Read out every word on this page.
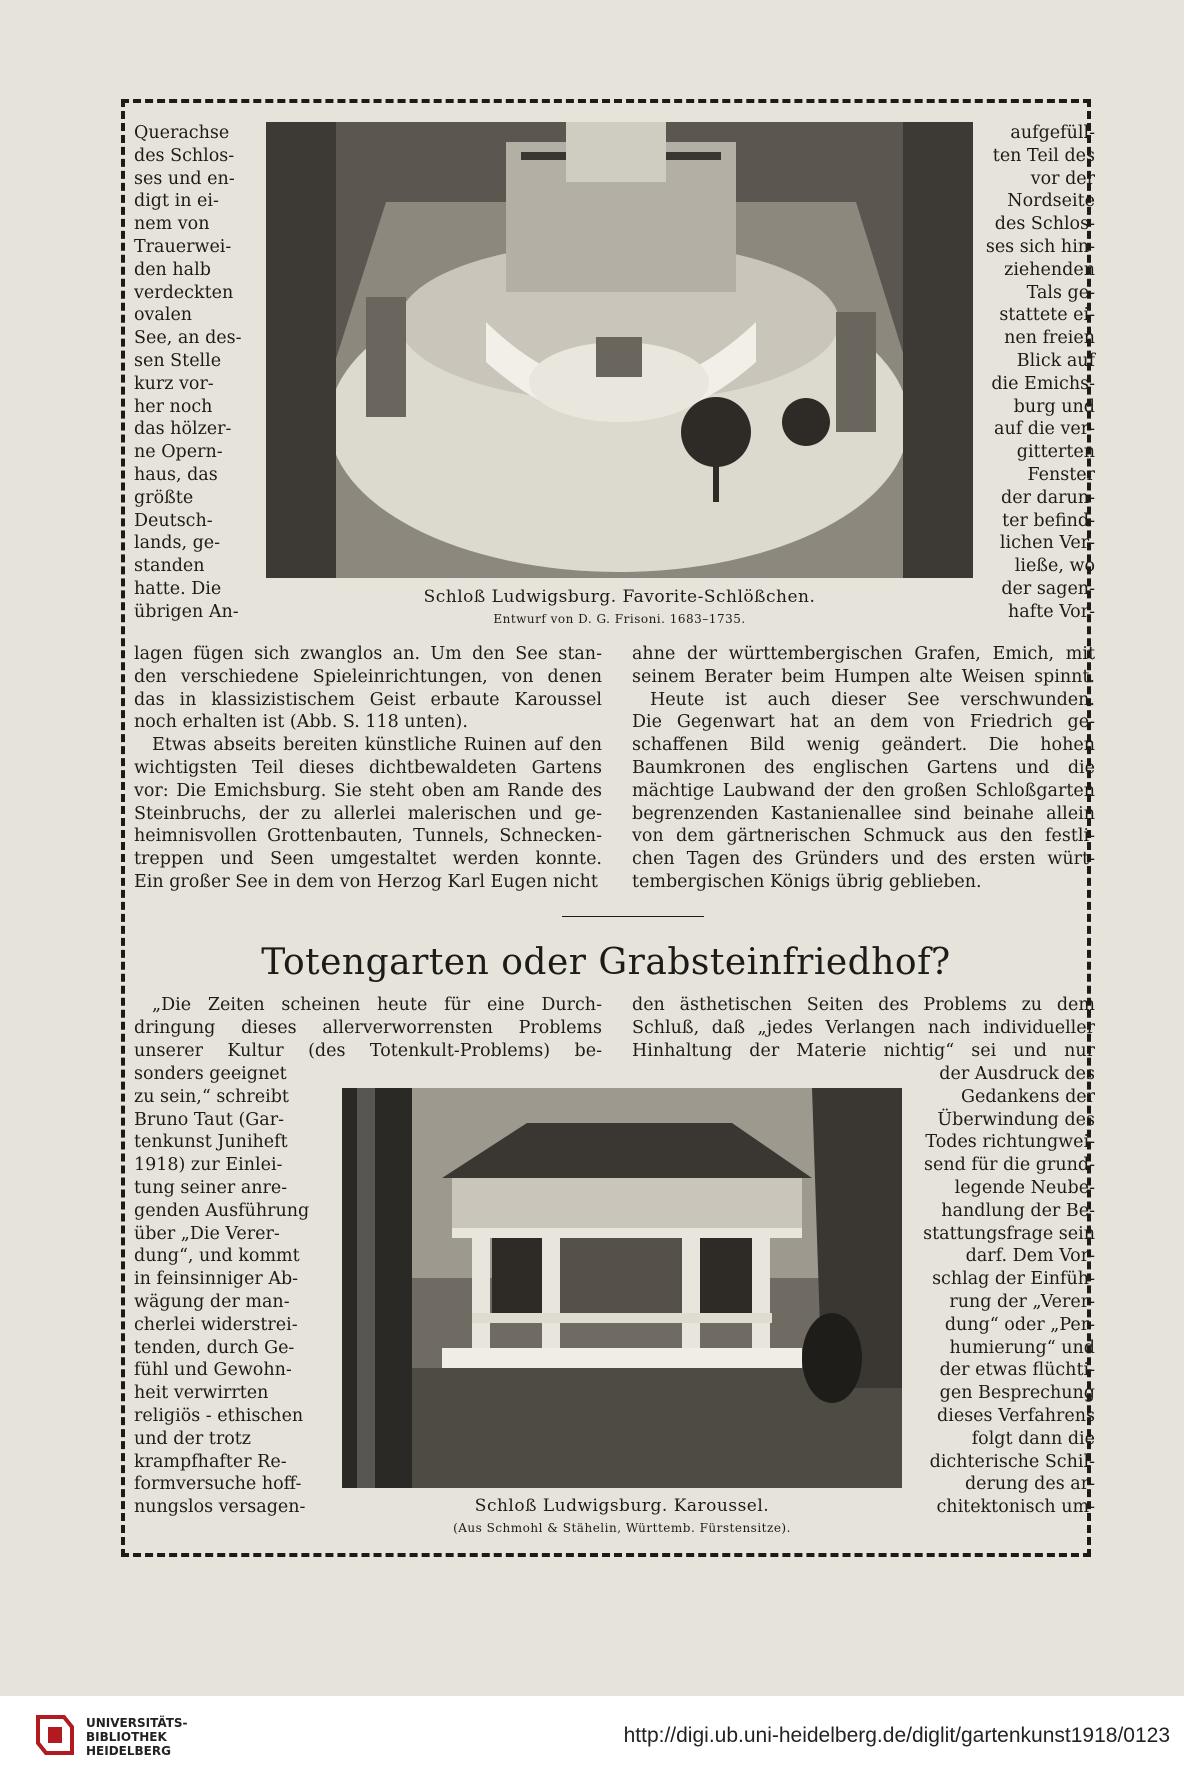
Querachse
des Schlos-
ses und en-
digt in ei-
nem von
Trauerwei-
den halb
verdeckten
ovalen
See, an des-
sen Stelle
kurz vor-
her noch
das hölzer-
ne Opern-
haus, das
größte
Deutsch-
lands, ge-
standen
hatte. Die
übrigen An-
aufgefüll-
ten Teil des
vor der
Nordseite
des Schlos-
ses sich hin-
ziehenden
Tals ge-
stattete ei-
nen freien
Blick auf
die Emichs-
burg und
auf die ver-
gitterten
Fenster
der darun-
ter befind-
lichen Ver-
ließe, wo
der sagen-
hafte Vor-
Schloß Ludwigsburg. Favorite-Schlößchen.
Entwurf von D. G. Frisoni. 1683–1735.
lagen fügen sich zwanglos an. Um den See stan-
den verschiedene Spieleinrichtungen, von denen
das in klassizistischem Geist erbaute Karoussel
noch erhalten ist (Abb. S. 118 unten).
Etwas abseits bereiten künstliche Ruinen auf den
wichtigsten Teil dieses dichtbewaldeten Gartens
vor: Die Emichsburg. Sie steht oben am Rande des
Steinbruchs, der zu allerlei malerischen und ge-
heimnisvollen Grottenbauten, Tunnels, Schnecken-
treppen und Seen umgestaltet werden konnte.
Ein großer See in dem von Herzog Karl Eugen nicht
ahne der württembergischen Grafen, Emich, mit
seinem Berater beim Humpen alte Weisen spinnt.
Heute ist auch dieser See verschwunden.
Die Gegenwart hat an dem von Friedrich ge-
schaffenen Bild wenig geändert. Die hohen
Baumkronen des englischen Gartens und die
mächtige Laubwand der den großen Schloßgarten
begrenzenden Kastanienallee sind beinahe allein
von dem gärtnerischen Schmuck aus den festli-
chen Tagen des Gründers und des ersten würt-
tembergischen Königs übrig geblieben.
Totengarten oder Grabsteinfriedhof?
„Die Zeiten scheinen heute für eine Durch-
dringung dieses allerverworrensten Problems
unserer Kultur (des Totenkult-Problems) be-
den ästhetischen Seiten des Problems zu dem
Schluß, daß „jedes Verlangen nach individueller
Hinhaltung der Materie nichtig“ sei und nur
sonders geeignet
zu sein,“ schreibt
Bruno Taut (Gar-
tenkunst Juniheft
1918) zur Einlei-
tung seiner anre-
genden Ausführung
über „Die Verer-
dung“, und kommt
in feinsinniger Ab-
wägung der man-
cherlei widerstrei-
tenden, durch Ge-
fühl und Gewohn-
heit verwirrten
religiös - ethischen
und der trotz
krampfhafter Re-
formversuche hoff-
nungslos versagen-
der Ausdruck des
Gedankens der
Überwindung des
Todes richtungwei-
send für die grund-
legende Neube-
handlung der Be-
stattungsfrage sein
darf. Dem Vor-
schlag der Einfüh-
rung der „Verer-
dung“ oder „Per-
humierung“ und
der etwas flüchti-
gen Besprechung
dieses Verfahrens
folgt dann die
dichterische Schil-
derung des ar-
chitektonisch um-
Schloß Ludwigsburg. Karoussel.
(Aus Schmohl & Stähelin, Württemb. Fürstensitze).
UNIVERSITÄTS-
BIBLIOTHEK
HEIDELBERG
http://digi.ub.uni-heidelberg.de/diglit/gartenkunst1918/0123
